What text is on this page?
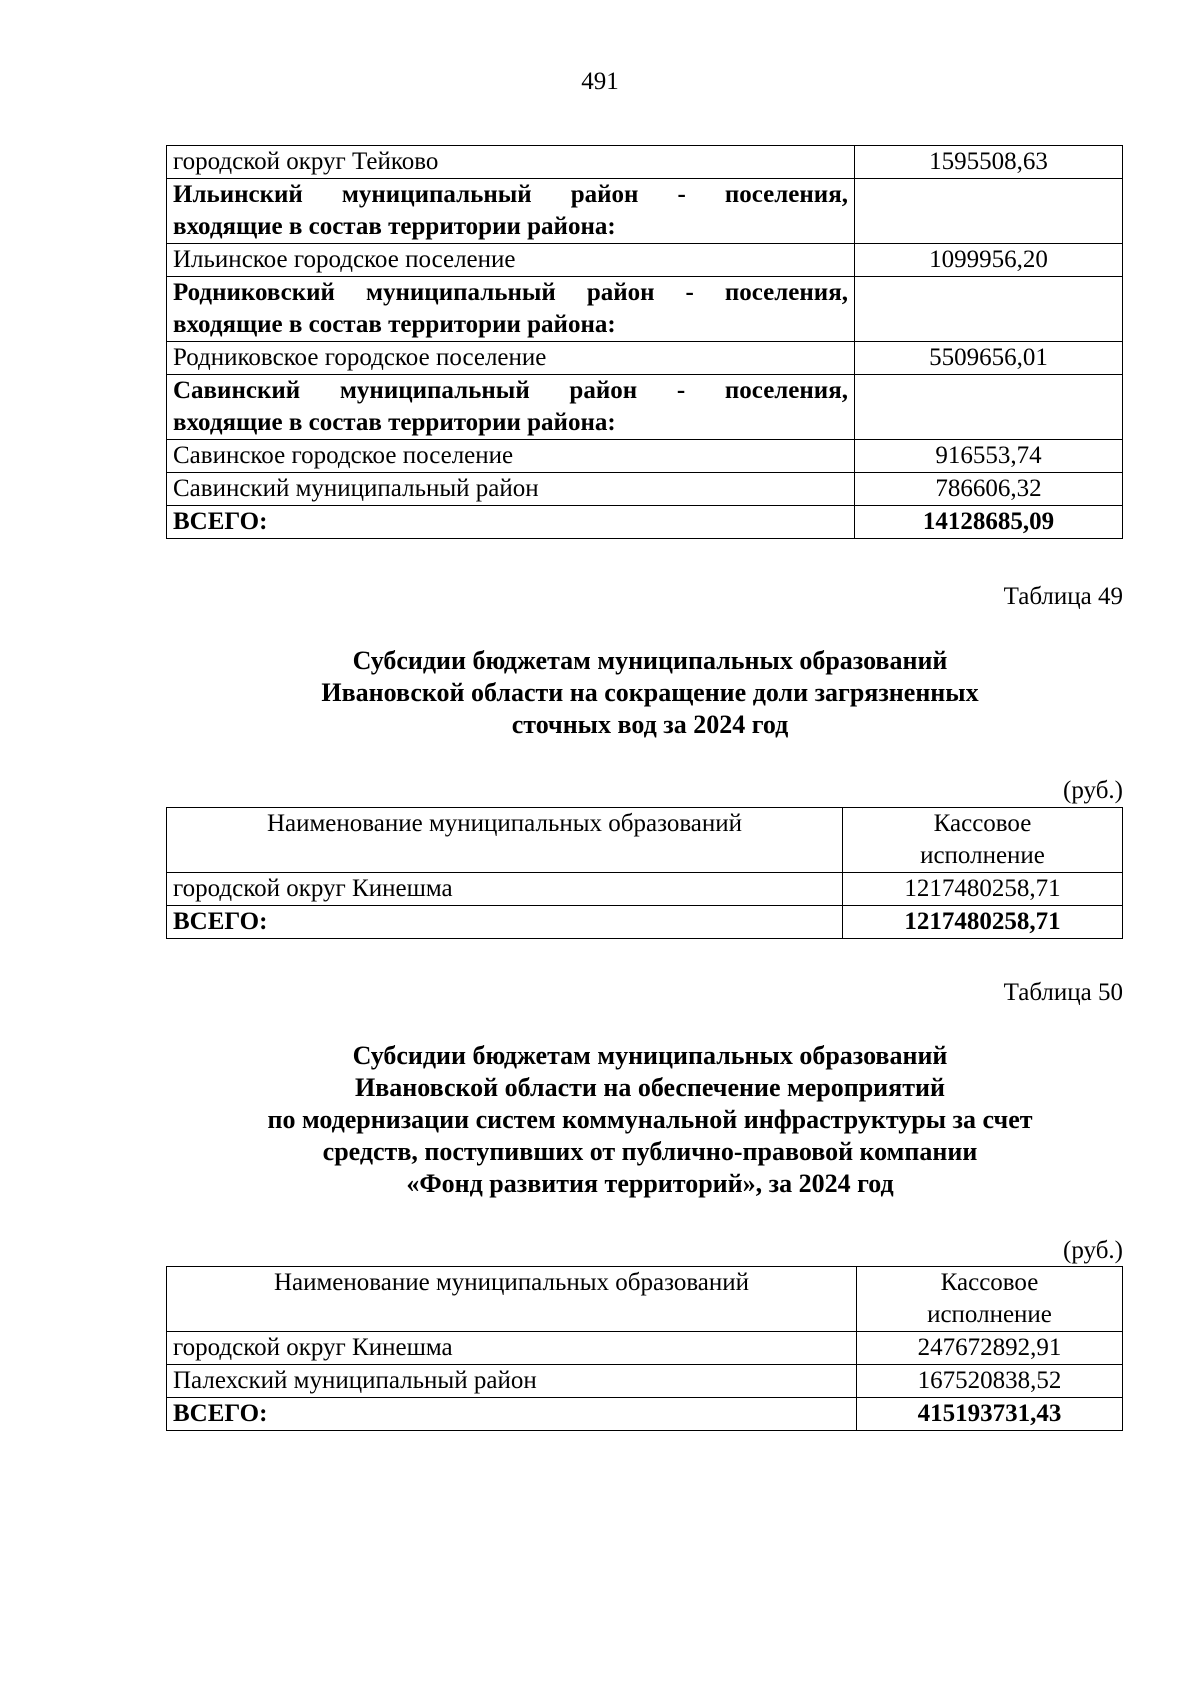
491
городской округ Тейково	1595508,63

Ильинский муниципальный район - поселения,
входящие в состав территории района:	

Ильинское городское поселение	1099956,20

Родниковский муниципальный район - поселения,
входящие в состав территории района:	

Родниковское городское поселение	5509656,01

Савинский муниципальный район - поселения,
входящие в состав территории района:	

Савинское городское поселение	916553,74
Савинский муниципальный район	786606,32
ВСЕГО:	14128685,09
Таблица 49
Субсидии бюджетам муниципальных образований
Ивановской области на сокращение доли загрязненных
сточных вод за 2024 год
(руб.)
Наименование муниципальных образований	Кассовое
исполнение

городской округ Кинешма	1217480258,71
ВСЕГО:	1217480258,71
Таблица 50
Субсидии бюджетам муниципальных образований
Ивановской области на обеспечение мероприятий
по модернизации систем коммунальной инфраструктуры за счет
средств, поступивших от публично-правовой компании
«Фонд развития территорий», за 2024 год
(руб.)
Наименование муниципальных образований	Кассовое
исполнение

городской округ Кинешма	247672892,91
Палехский муниципальный район	167520838,52
ВСЕГО:	415193731,43
